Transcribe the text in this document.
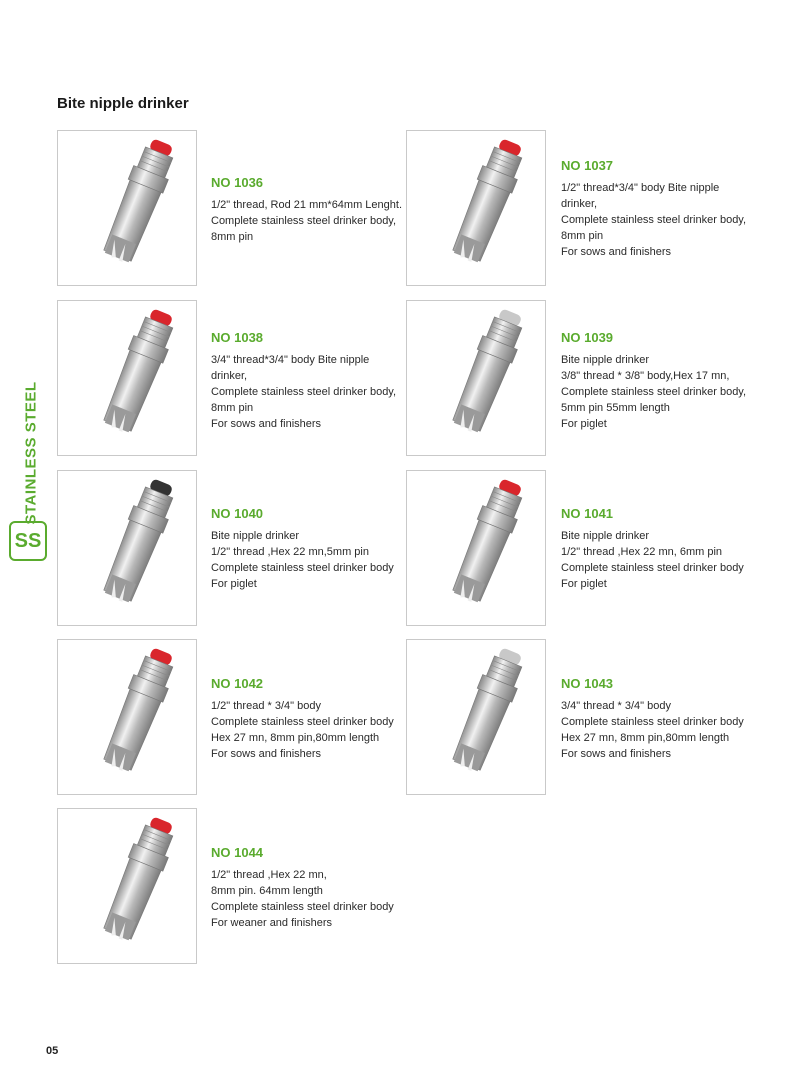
Bite nipple drinker
STAINLESS STEEL
SS
NO 1036
1/2" thread, Rod 21 mm*64mm Lenght.
Complete stainless steel drinker body,
8mm pin
NO 1037
1/2" thread*3/4" body Bite nipple
drinker,
Complete stainless steel drinker body,
8mm pin
For sows and finishers
NO 1038
3/4" thread*3/4" body Bite nipple
drinker,
Complete stainless steel drinker body,
8mm pin
For sows and finishers
NO 1039
Bite nipple drinker
3/8" thread * 3/8" body,Hex 17 mn,
Complete stainless steel drinker body,
5mm pin 55mm length
For piglet
NO 1040
Bite nipple drinker
1/2" thread ,Hex 22 mn,5mm pin
Complete stainless steel drinker body
For piglet
NO 1041
Bite nipple drinker
1/2" thread ,Hex 22 mn, 6mm pin
Complete stainless steel drinker body
For piglet
NO 1042
1/2" thread * 3/4" body
Complete stainless steel drinker body
Hex 27 mn, 8mm pin,80mm length
For sows and finishers
NO 1043
3/4" thread * 3/4" body
Complete stainless steel drinker body
Hex 27 mn, 8mm pin,80mm length
For sows and finishers
NO 1044
1/2" thread ,Hex 22 mn,
8mm pin. 64mm length
Complete stainless steel drinker body
For weaner and finishers
05
